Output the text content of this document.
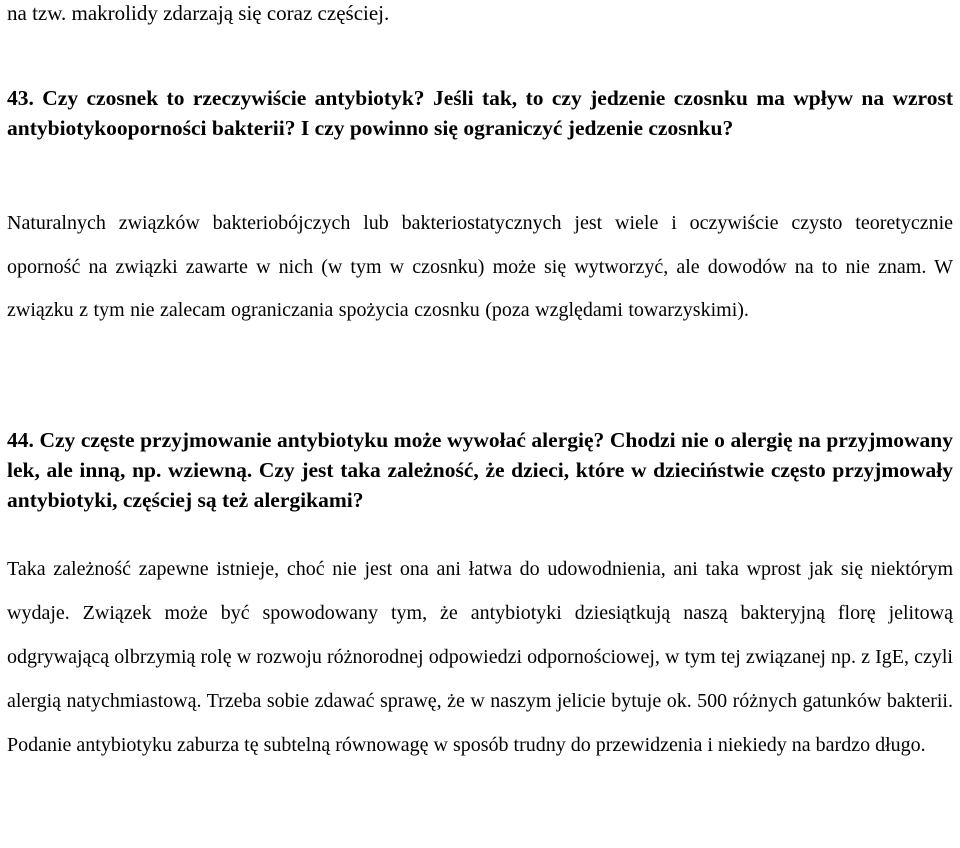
na tzw. makrolidy zdarzają się coraz częściej.

43. Czy czosnek to rzeczywiście antybiotyk? Jeśli tak, to czy jedzenie czosnku ma wpływ na wzrost antybiotykooporności bakterii? I czy powinno się ograniczyć jedzenie czosnku?

Naturalnych związków bakteriobójczych lub bakteriostatycznych jest wiele i oczywiście czysto teoretycznie oporność na związki zawarte w nich (w tym w czosnku) może się wytworzyć, ale dowodów na to nie znam. W związku z tym nie zalecam ograniczania spożycia czosnku (poza względami towarzyskimi).

44. Czy częste przyjmowanie antybiotyku może wywołać alergię? Chodzi nie o alergię na przyjmowany lek, ale inną, np. wziewną. Czy jest taka zależność, że dzieci, które w dzieciństwie często przyjmowały antybiotyki, częściej są też alergikami?

Taka zależność zapewne istnieje, choć nie jest ona ani łatwa do udowodnienia, ani taka wprost jak się niektórym wydaje. Związek może być spowodowany tym, że antybiotyki dziesiątkują naszą bakteryjną florę jelitową odgrywającą olbrzymią rolę w rozwoju różnorodnej odpowiedzi odpornościowej, w tym tej związanej np. z IgE, czyli alergią natychmiastową. Trzeba sobie zdawać sprawę, że w naszym jelicie bytuje ok. 500 różnych gatunków bakterii. Podanie antybiotyku zaburza tę subtelną równowagę w sposób trudny do przewidzenia i niekiedy na bardzo długo.
